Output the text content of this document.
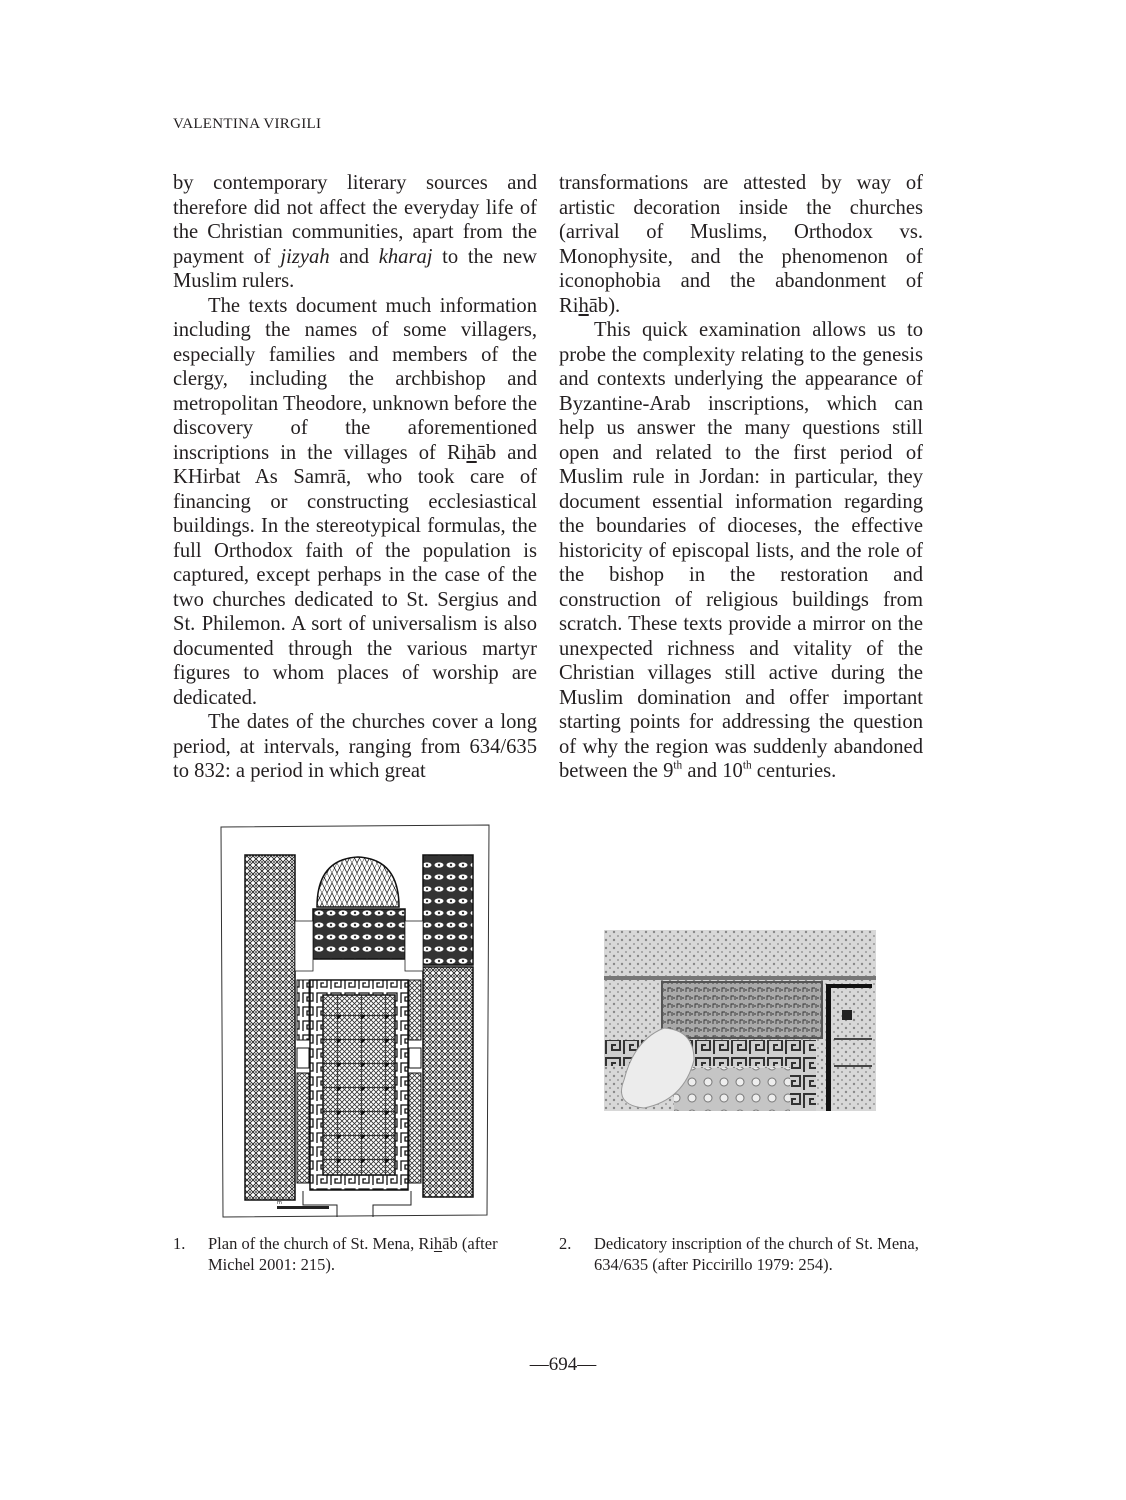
VALENTINA VIRGILI

by contemporary literary sources and therefore did not affect the everyday life of the Christian communities, apart from the payment of jizyah and kharaj to the new Muslim rulers.

The texts document much information including the names of some villagers, especially families and members of the clergy, including the archbishop and metropolitan Theodore, unknown before the discovery of the aforementioned inscriptions in the villages of Rihāb and KHirbat As Samrā, who took care of financing or constructing ecclesiastical buildings. In the stereotypical formulas, the full Orthodox faith of the population is captured, except perhaps in the case of the two churches dedicated to St. Sergius and St. Philemon. A sort of universalism is also documented through the various martyr figures to whom places of worship are dedicated.

The dates of the churches cover a long period, at intervals, ranging from 634/635 to 832: a period in which great

transformations are attested by way of artistic decoration inside the churches (arrival of Muslims, Orthodox vs. Monophysite, and the phenomenon of iconophobia and the abandonment of Rihāb).

This quick examination allows us to probe the complexity relating to the genesis and contexts underlying the appearance of Byzantine-Arab inscriptions, which can help us answer the many questions still open and related to the first period of Muslim rule in Jordan: in particular, they document essential information regarding the boundaries of dioceses, the effective historicity of episcopal lists, and the role of the bishop in the restoration and construction of religious buildings from scratch. These texts provide a mirror on the unexpected richness and vitality of the Christian villages still active during the Muslim domination and offer important starting points for addressing the question of why the region was suddenly abandoned between the 9th and 10th centuries.

m
1. Plan of the church of St. Mena, Rihāb (after Michel 2001: 215).
2. Dedicatory inscription of the church of St. Mena, 634/635 (after Piccirillo 1979: 254).
—694—
